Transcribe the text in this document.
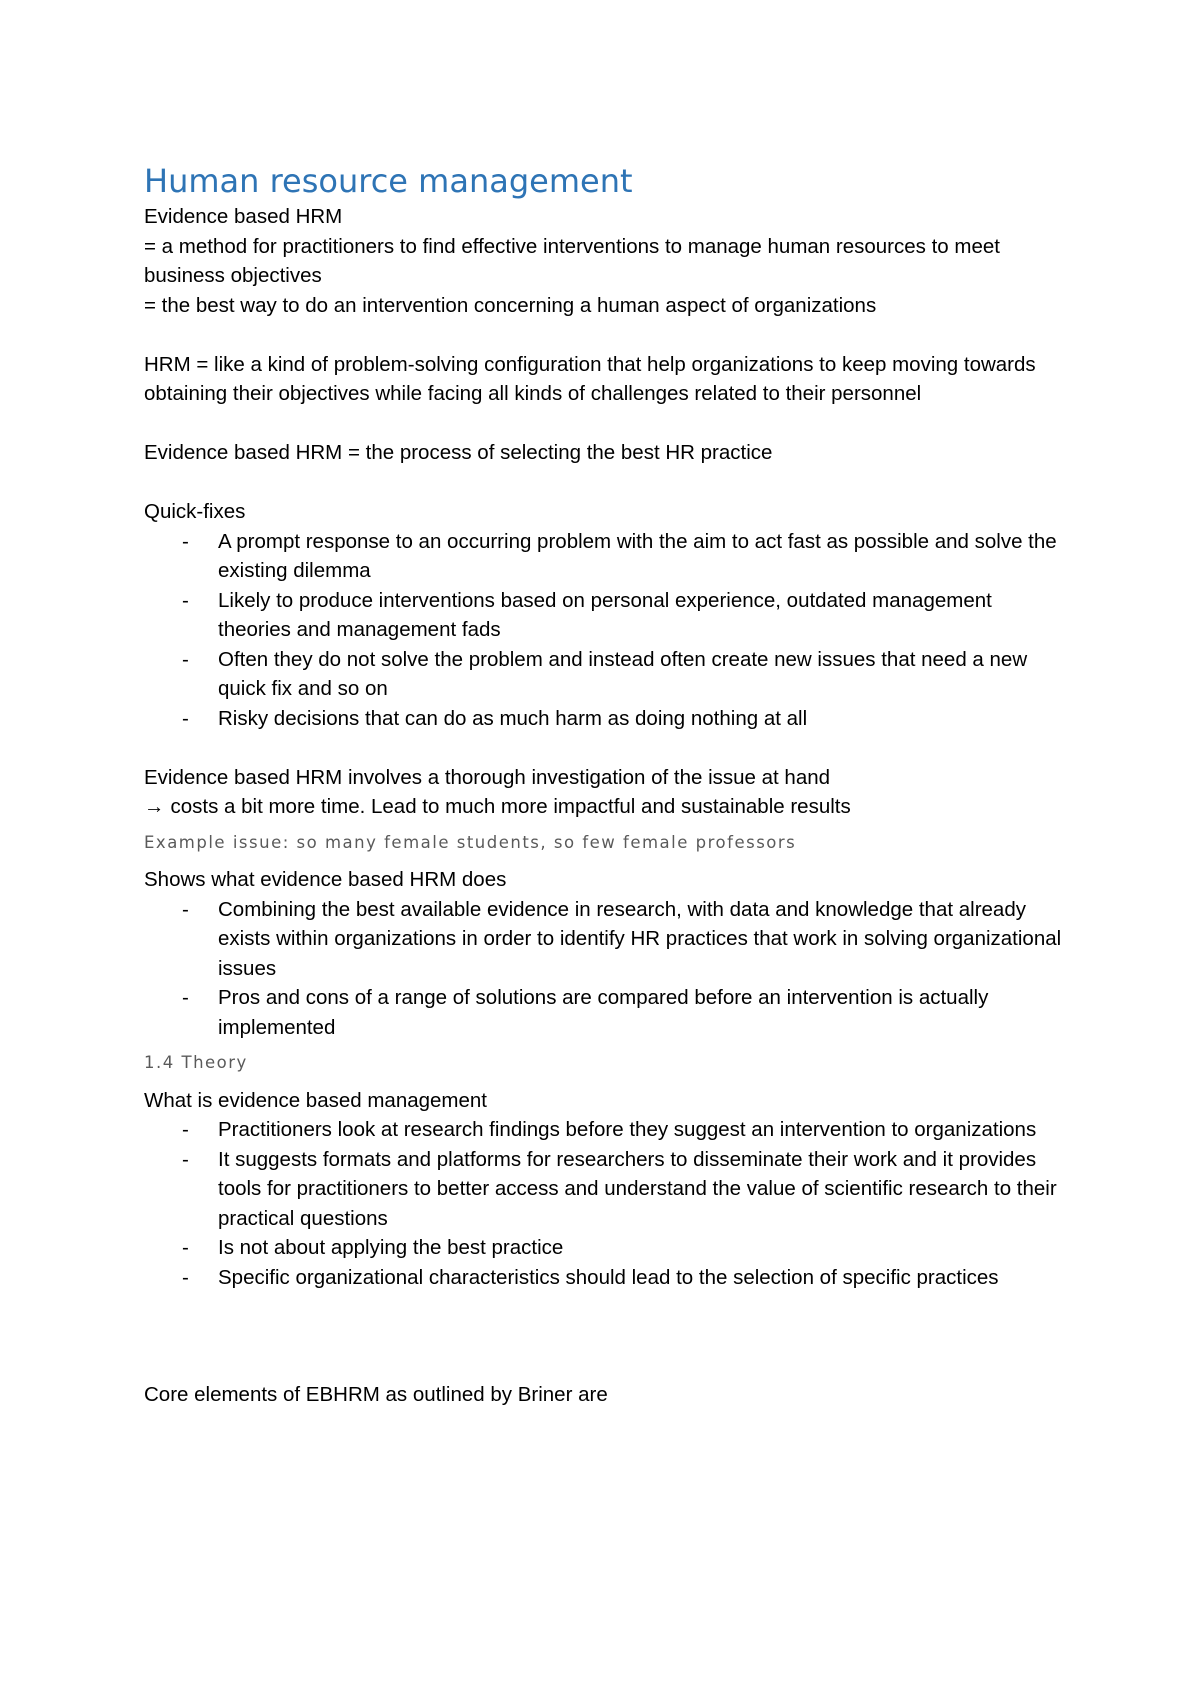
Human resource management

Evidence based HRM

= a method for practitioners to find effective interventions to manage human resources to meet business objectives

= the best way to do an intervention concerning a human aspect of organizations

HRM = like a kind of problem-solving configuration that help organizations to keep moving towards obtaining their objectives while facing all kinds of challenges related to their personnel

Evidence based HRM = the process of selecting the best HR practice

Quick-fixes

- A prompt response to an occurring problem with the aim to act fast as possible and solve the existing dilemma
- Likely to produce interventions based on personal experience, outdated management theories and management fads
- Often they do not solve the problem and instead often create new issues that need a new quick fix and so on
- Risky decisions that can do as much harm as doing nothing at all

Evidence based HRM involves a thorough investigation of the issue at hand

→ costs a bit more time. Lead to much more impactful and sustainable results

Example issue: so many female students, so few female professors

Shows what evidence based HRM does

- Combining the best available evidence in research, with data and knowledge that already exists within organizations in order to identify HR practices that work in solving organizational issues
- Pros and cons of a range of solutions are compared before an intervention is actually implemented

1.4 Theory

What is evidence based management

- Practitioners look at research findings before they suggest an intervention to organizations
- It suggests formats and platforms for researchers to disseminate their work and it provides tools for practitioners to better access and understand the value of scientific research to their practical questions
- Is not about applying the best practice
- Specific organizational characteristics should lead to the selection of specific practices

Core elements of EBHRM as outlined by Briner are
